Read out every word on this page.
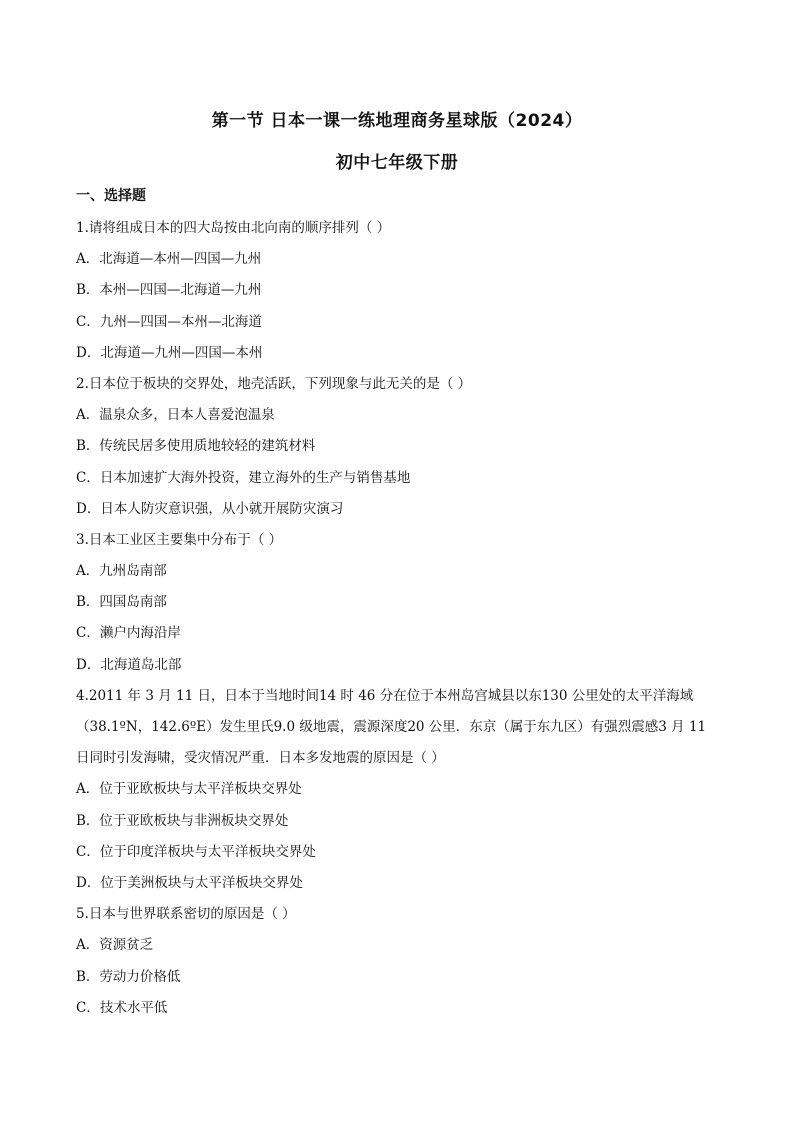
第一节 日本一课一练地理商务星球版（2024）
初中七年级下册
一、选择题
1.请将组成日本的四大岛按由北向南的顺序排列（ ）
A．北海道—本州—四国—九州
B．本州—四国—北海道—九州
C．九州—四国—本州—北海道
D．北海道—九州—四国—本州
2.日本位于板块的交界处，地壳活跃，下列现象与此无关的是（ ）
A．温泉众多，日本人喜爱泡温泉
B．传统民居多使用质地较轻的建筑材料
C．日本加速扩大海外投资，建立海外的生产与销售基地
D．日本人防灾意识强，从小就开展防灾演习
3.日本工业区主要集中分布于（ ）
A．九州岛南部
B．四国岛南部
C．濑户内海沿岸
D．北海道岛北部
4.2011 年 3 月 11 日，日本于当地时间14 时 46 分在位于本州岛宫城县以东130 公里处的太平洋海域
（38.1ºN，142.6ºE）发生里氏9.0 级地震，震源深度20 公里．东京（属于东九区）有强烈震感3 月 11
日同时引发海啸，受灾情况严重．日本多发地震的原因是（ ）
A．位于亚欧板块与太平洋板块交界处
B．位于亚欧板块与非洲板块交界处
C．位于印度洋板块与太平洋板块交界处
D．位于美洲板块与太平洋板块交界处
5.日本与世界联系密切的原因是（ ）
A．资源贫乏
B．劳动力价格低
C．技术水平低
